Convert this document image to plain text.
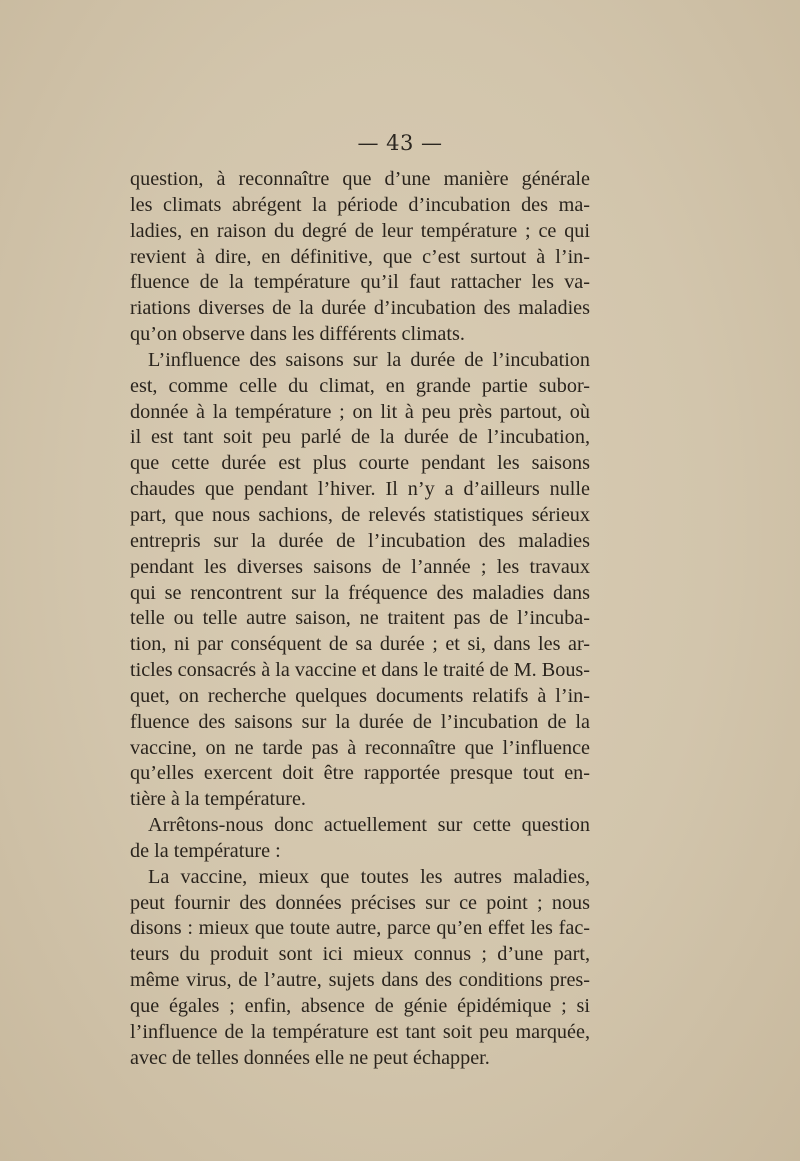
— 43 —
question, à reconnaître que d’une manière générale
les climats abrégent la période d’incubation des ma-
ladies, en raison du degré de leur température ; ce qui
revient à dire, en définitive, que c’est surtout à l’in-
fluence de la température qu’il faut rattacher les va-
riations diverses de la durée d’incubation des maladies
qu’on observe dans les différents climats.
L’influence des saisons sur la durée de l’incubation
est, comme celle du climat, en grande partie subor-
donnée à la température ; on lit à peu près partout, où
il est tant soit peu parlé de la durée de l’incubation,
que cette durée est plus courte pendant les saisons
chaudes que pendant l’hiver. Il n’y a d’ailleurs nulle
part, que nous sachions, de relevés statistiques sérieux
entrepris sur la durée de l’incubation des maladies
pendant les diverses saisons de l’année ; les travaux
qui se rencontrent sur la fréquence des maladies dans
telle ou telle autre saison, ne traitent pas de l’incuba-
tion, ni par conséquent de sa durée ; et si, dans les ar-
ticles consacrés à la vaccine et dans le traité de M. Bous-
quet, on recherche quelques documents relatifs à l’in-
fluence des saisons sur la durée de l’incubation de la
vaccine, on ne tarde pas à reconnaître que l’influence
qu’elles exercent doit être rapportée presque tout en-
tière à la température.
Arrêtons-nous donc actuellement sur cette question
de la température :
La vaccine, mieux que toutes les autres maladies,
peut fournir des données précises sur ce point ; nous
disons : mieux que toute autre, parce qu’en effet les fac-
teurs du produit sont ici mieux connus ; d’une part,
même virus, de l’autre, sujets dans des conditions pres-
que égales ; enfin, absence de génie épidémique ; si
l’influence de la température est tant soit peu marquée,
avec de telles données elle ne peut échapper.
